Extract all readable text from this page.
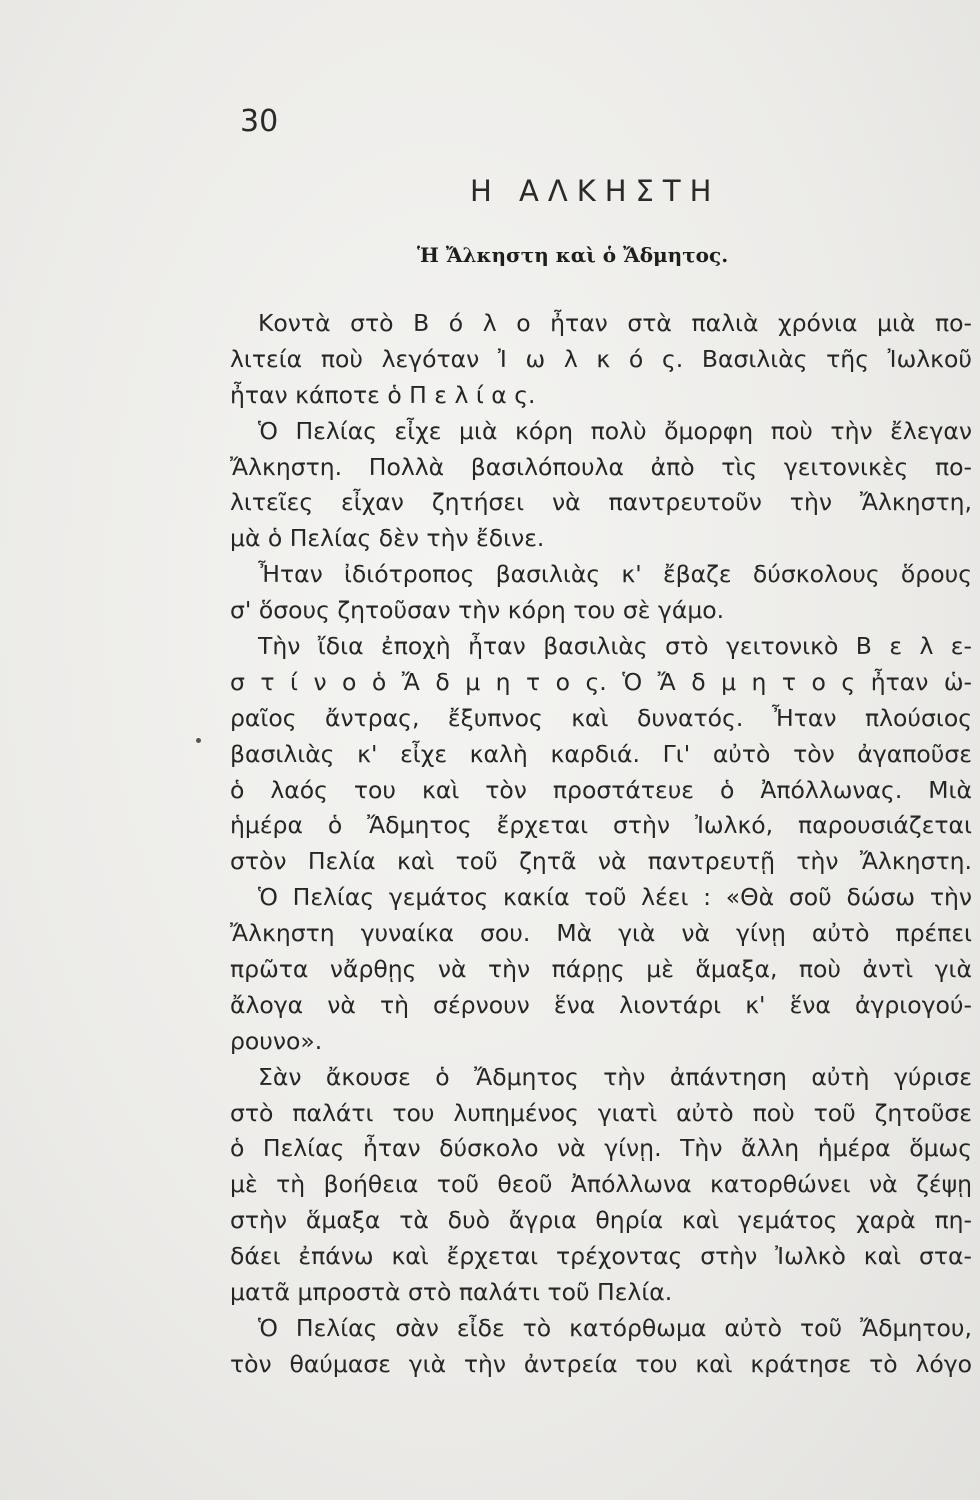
30
Η ΑΛΚΗΣΤΗ
Ἡ Ἄλκηστη καὶ ὁ Ἄδμητος.
Κοντὰ στὸ Β ό λ ο ἦταν στὰ παλιὰ χρόνια μιὰ πο-
λιτεία ποὺ λεγόταν Ἰ ω λ κ ό ς. Βασιλιὰς τῆς Ἰωλκοῦ
ἦταν κάποτε ὁ Π ε λ ί α ς.
Ὁ Πελίας εἶχε μιὰ κόρη πολὺ ὄμορφη ποὺ τὴν ἔλεγαν
Ἄλκηστη. Πολλὰ βασιλόπουλα ἀπὸ τὶς γειτονικὲς πο-
λιτεῖες εἶχαν ζητήσει νὰ παντρευτοῦν τὴν Ἄλκηστη,
μὰ ὁ Πελίας δὲν τὴν ἔδινε.
Ἦταν ἰδιότροπος βασιλιὰς κ' ἔβαζε δύσκολους ὅρους
σ' ὅσους ζητοῦσαν τὴν κόρη του σὲ γάμο.
Τὴν ἴδια ἐποχὴ ἦταν βασιλιὰς στὸ γειτονικὸ Β ε λ ε-
σ τ ί ν ο ὁ Ἄ δ μ η τ ο ς. Ὁ Ἄ δ μ η τ ο ς ἦταν ὡ-
ραῖος ἄντρας, ἔξυπνος καὶ δυνατός. Ἦταν πλούσιος
βασιλιὰς κ' εἶχε καλὴ καρδιά. Γι' αὐτὸ τὸν ἀγαποῦσε
ὁ λαός του καὶ τὸν προστάτευε ὁ Ἀπόλλωνας. Μιὰ
ἡμέρα ὁ Ἄδμητος ἔρχεται στὴν Ἰωλκό, παρουσιάζεται
στὸν Πελία καὶ τοῦ ζητᾶ νὰ παντρευτῇ τὴν Ἄλκηστη.
Ὁ Πελίας γεμάτος κακία τοῦ λέει : «Θὰ σοῦ δώσω τὴν
Ἄλκηστη γυναίκα σου. Μὰ γιὰ νὰ γίνῃ αὐτὸ πρέπει
πρῶτα νἄρθῃς νὰ τὴν πάρῃς μὲ ἅμαξα, ποὺ ἀντὶ γιὰ
ἄλογα νὰ τὴ σέρνουν ἕνα λιοντάρι κ' ἕνα ἀγριογού-
ρουνο».
Σὰν ἄκουσε ὁ Ἄδμητος τὴν ἀπάντηση αὐτὴ γύρισε
στὸ παλάτι του λυπημένος γιατὶ αὐτὸ ποὺ τοῦ ζητοῦσε
ὁ Πελίας ἦταν δύσκολο νὰ γίνῃ. Τὴν ἄλλη ἡμέρα ὅμως
μὲ τὴ βοήθεια τοῦ θεοῦ Ἀπόλλωνα κατορθώνει νὰ ζέψῃ
στὴν ἅμαξα τὰ δυὸ ἄγρια θηρία καὶ γεμάτος χαρὰ πη-
δάει ἐπάνω καὶ ἔρχεται τρέχοντας στὴν Ἰωλκὸ καὶ στα-
ματᾶ μπροστὰ στὸ παλάτι τοῦ Πελία.
Ὁ Πελίας σὰν εἶδε τὸ κατόρθωμα αὐτὸ τοῦ Ἄδμητου,
τὸν θαύμασε γιὰ τὴν ἀντρεία του καὶ κράτησε τὸ λόγο
